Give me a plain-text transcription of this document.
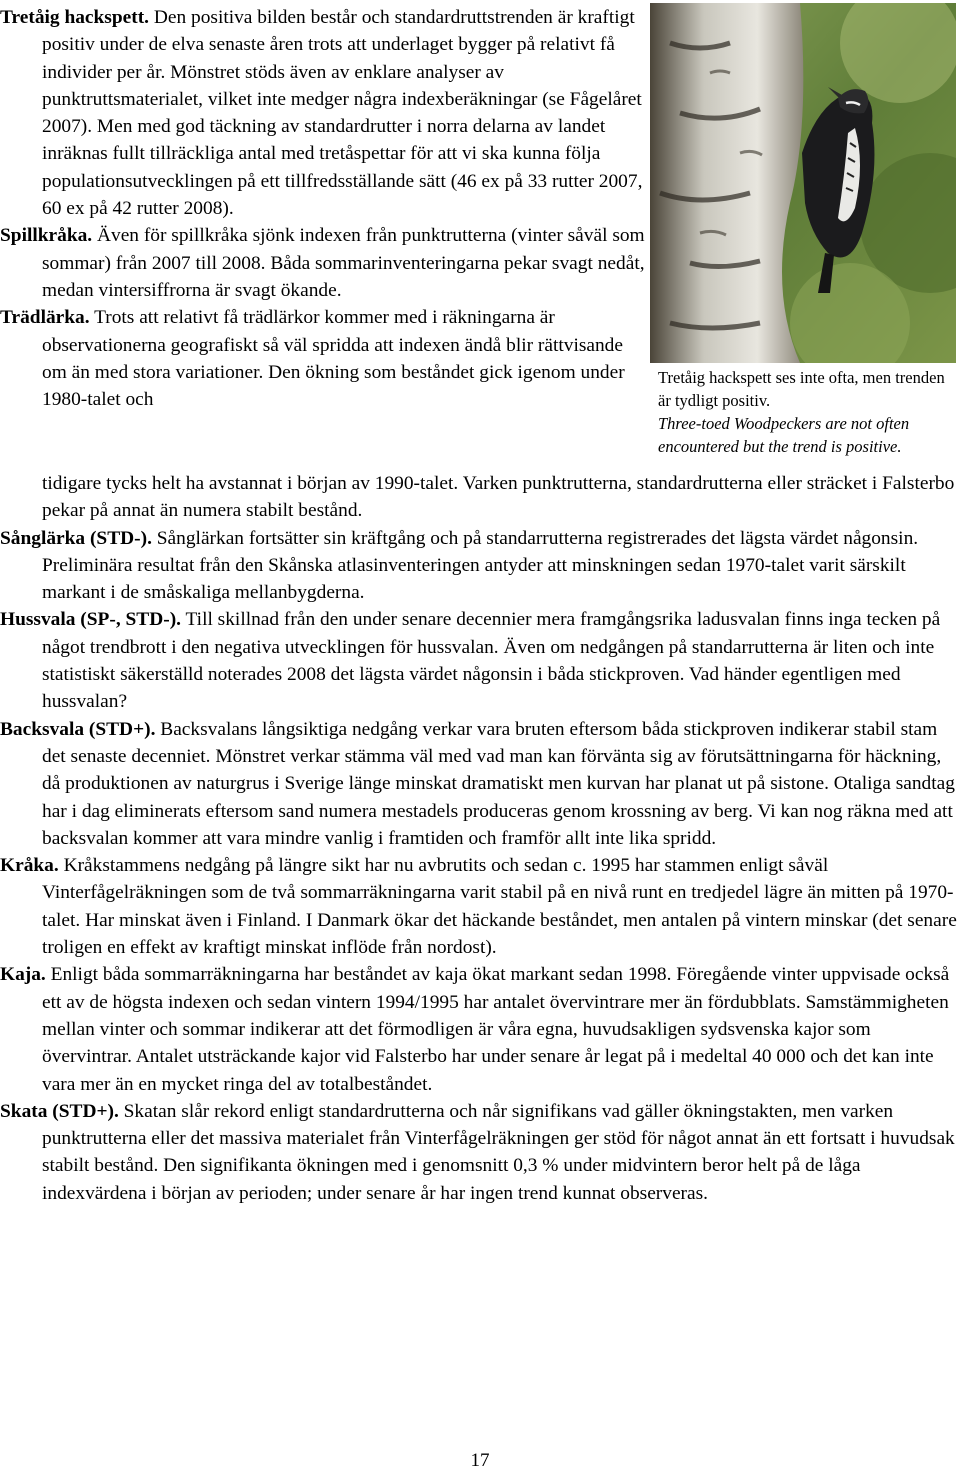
Tretåig hackspett. Den positiva bilden består och standardruttstrenden är kraftigt positiv under de elva senaste åren trots att underlaget bygger på relativt få individer per år. Mönstret stöds även av enklare analyser av punktruttsmaterialet, vilket inte medger några indexberäkningar (se Fågelåret 2007). Men med god täckning av standardrutter i norra delarna av landet inräknas fullt tillräckliga antal med tretåspettar för att vi ska kunna följa populationsutvecklingen på ett tillfredsställande sätt (46 ex på 33 rutter 2007, 60 ex på 42 rutter 2008).

Spillkråka. Även för spillkråka sjönk indexen från punktrutterna (vinter såväl som sommar) från 2007 till 2008. Båda sommarinventeringarna pekar svagt nedåt, medan vintersiffrorna är svagt ökande.

Trädlärka. Trots att relativt få trädlärkor kommer med i räkningarna är observationerna geografiskt så väl spridda att indexen ändå blir rättvisande om än med stora variationer. Den ökning som beståndet gick igenom under 1980-talet och

Tretåig hackspett ses inte ofta, men trenden är tydligt positiv.
Three-toed Woodpeckers are not often encountered but the trend is positive.

tidigare tycks helt ha avstannat i början av 1990-talet. Varken punktrutterna, standardrutterna eller sträcket i Falsterbo pekar på annat än numera stabilt bestånd.

Sånglärka (STD-). Sånglärkan fortsätter sin kräftgång och på standarrutterna registrerades det lägsta värdet någonsin. Preliminära resultat från den Skånska atlasinventeringen antyder att minskningen sedan 1970-talet varit särskilt markant i de småskaliga mellanbygderna.

Hussvala (SP-, STD-). Till skillnad från den under senare decennier mera framgångsrika ladusvalan finns inga tecken på något trendbrott i den negativa utvecklingen för hussvalan. Även om nedgången på standarrutterna är liten och inte statistiskt säkerställd noterades 2008 det lägsta värdet någonsin i båda stickproven. Vad händer egentligen med hussvalan?

Backsvala (STD+). Backsvalans långsiktiga nedgång verkar vara bruten eftersom båda stickproven indikerar stabil stam det senaste decenniet. Mönstret verkar stämma väl med vad man kan förvänta sig av förutsättningarna för häckning, då produktionen av naturgrus i Sverige länge minskat dramatiskt men kurvan har planat ut på sistone. Otaliga sandtag har i dag eliminerats eftersom sand numera mestadels produceras genom krossning av berg. Vi kan nog räkna med att backsvalan kommer att vara mindre vanlig i framtiden och framför allt inte lika spridd.

Kråka. Kråkstammens nedgång på längre sikt har nu avbrutits och sedan c. 1995 har stammen enligt såväl Vinterfågelräkningen som de två sommarräkningarna varit stabil på en nivå runt en tredjedel lägre än mitten på 1970-talet. Har minskat även i Finland. I Danmark ökar det häckande beståndet, men antalen på vintern minskar (det senare troligen en effekt av kraftigt minskat inflöde från nordost).

Kaja. Enligt båda sommarräkningarna har beståndet av kaja ökat markant sedan 1998. Föregående vinter uppvisade också ett av de högsta indexen och sedan vintern 1994/1995 har antalet övervintrare mer än fördubblats. Samstämmigheten mellan vinter och sommar indikerar att det förmodligen är våra egna, huvudsakligen sydsvenska kajor som övervintrar. Antalet utsträckande kajor vid Falsterbo har under senare år legat på i medeltal 40 000 och det kan inte vara mer än en mycket ringa del av totalbeståndet.

Skata (STD+). Skatan slår rekord enligt standardrutterna och når signifikans vad gäller ökningstakten, men varken punktrutterna eller det massiva materialet från Vinterfågelräkningen ger stöd för något annat än ett fortsatt i huvudsak stabilt bestånd. Den signifikanta ökningen med i genomsnitt 0,3 % under midvintern beror helt på de låga indexvärdena i början av perioden; under senare år har ingen trend kunnat observeras.

17
